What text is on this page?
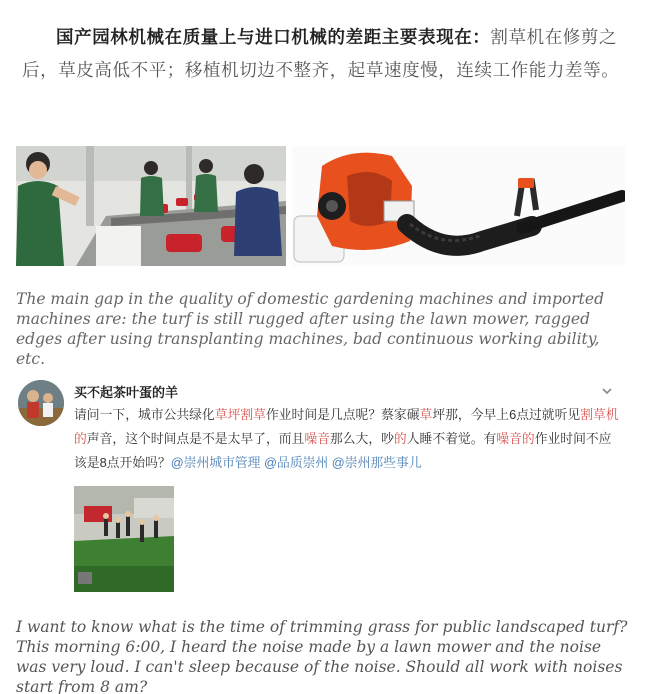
国产园林机械在质量上与进口机械的差距主要表现在：割草机在修剪之后，草皮高低不平；移植机切边不整齐，起草速度慢，连续工作能力差等。

The main gap in the quality of domestic gardening machines and imported machines are: the turf is still rugged after using the lawn mower, ragged edges after using transplanting machines, bad continuous working ability, etc.

买不起茶叶蛋的羊
请问一下，城市公共绿化草坪割草作业时间是几点呢？蔡家碾草坪那，今早上6点过就听见割草机的声音，这个时间点是不是太早了，而且噪音那么大，吵的人睡不着觉。有噪音的作业时间不应该是8点开始吗？@崇州城市管理 @品质崇州 @崇州那些事儿

I want to know what is the time of trimming grass for public landscaped turf? This morning 6:00, I heard the noise made by a lawn mower and the noise was very loud. I can't sleep because of the noise. Should all work with noises start from 8 am?
